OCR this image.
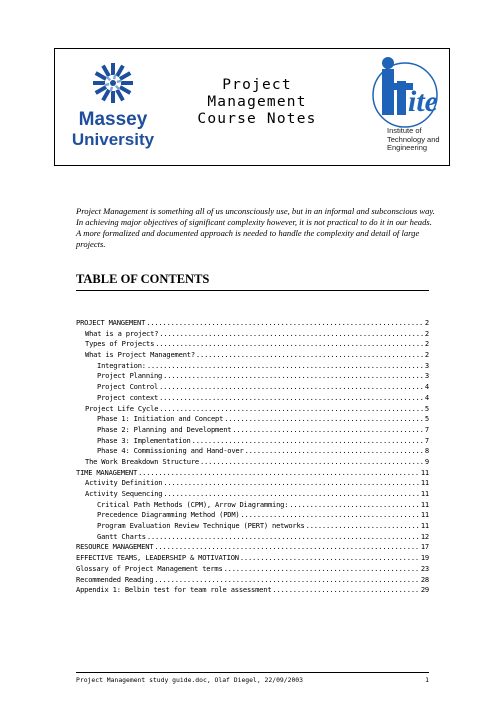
Massey
University
Project
Management
Course Notes
ite
Institute of
Technology and
Engineering

Project Management is something all of us unconsciously use, but in an informal and subconscious way. In achieving major objectives of significant complexity however, it is not practical to do it in our heads. A more formalized and documented approach is needed to handle the complexity and detail of large projects.

TABLE OF CONTENTS
PROJECT MANGEMENT .....	2
What is a project? .....	2
Types of Projects .....	2
What is Project Management? .....	2
Integration: .....	3
Project Planning .....	3
Project Control .....	4
Project context .....	4
Project Life Cycle .....	5
Phase 1: Initiation and Concept .....	5
Phase 2: Planning and Development .....	7
Phase 3: Implementation .....	7
Phase 4: Commissioning and Hand-over .....	8
The Work Breakdown Structure .....	9
TIME MANAGEMENT .....	11
Activity Definition .....	11
Activity Sequencing .....	11
Critical Path Methods (CPM), Arrow Diagramming: .....	11
Precedence Diagramming Method (PDM) .....	11
Program Evaluation Review Technique (PERT) networks .....	11
Gantt Charts .....	12
RESOURCE MANAGEMENT .....	17
EFFECTIVE TEAMS, LEADERSHIP & MOTIVATION .....	19
Glossary of Project Management terms .....	23
Recommended Reading .....	28
Appendix 1: Belbin test for team role assessment .....	29
Project Management study guide.doc, Olaf Diegel, 22/09/2003	1
